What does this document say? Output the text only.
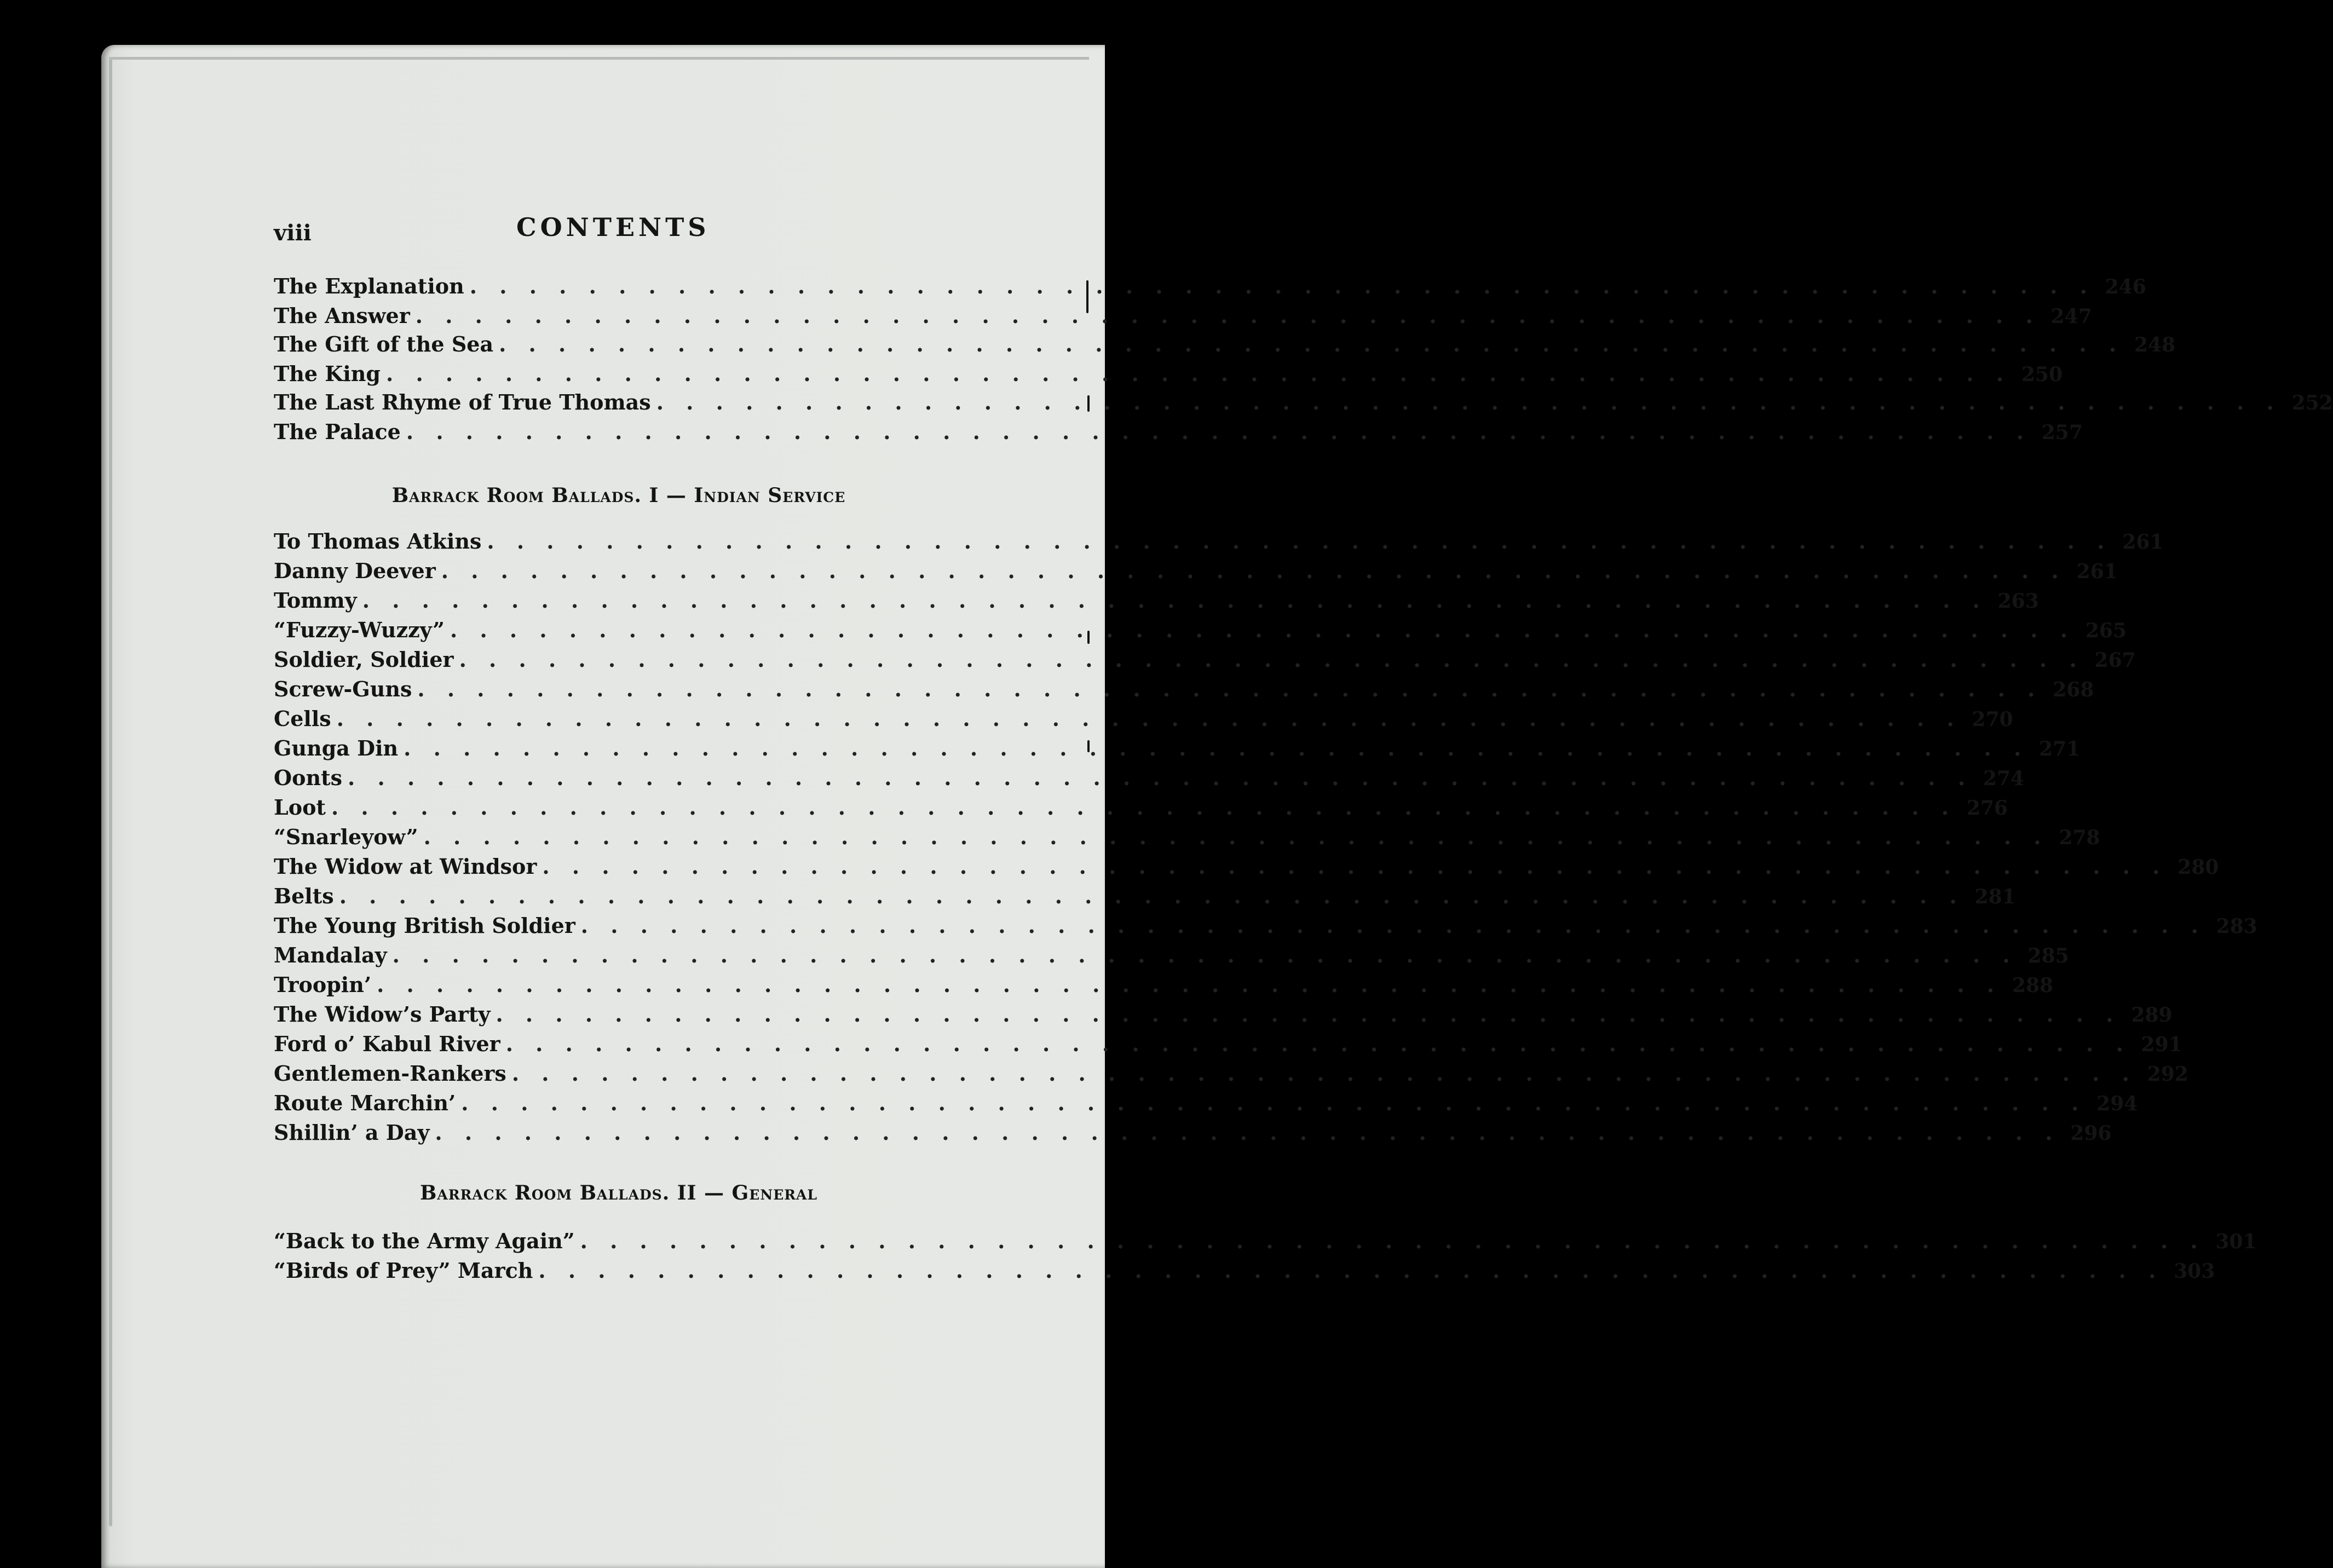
viii	CONTENTS
The Explanation . . . . . . . . . . . . . . . . . . . . . . . . . . . . . . . . . . . . . . . . . . . . . . . . . . . . . . . 246
The Answer . . . . . . . . . . . . . . . . . . . . . . . . . . . . . . . . . . . . . . . . . . . . . . . . . . . . . . . 247
The Gift of the Sea . . . . . . . . . . . . . . . . . . . . . . . . . . . . . . . . . . . . . . . . . . . . . . . . . . . . . . . 248
The King . . . . . . . . . . . . . . . . . . . . . . . . . . . . . . . . . . . . . . . . . . . . . . . . . . . . . . . 250
The Last Rhyme of True Thomas . . . . . . . . . . . . . . . . . . . . . . . . . . . . . . . . . . . . . . . . . . . . . . . . . . . . . . . 252
The Palace . . . . . . . . . . . . . . . . . . . . . . . . . . . . . . . . . . . . . . . . . . . . . . . . . . . . . . . 257
Barrack Room Ballads. I — Indian Service
To Thomas Atkins . . . . . . . . . . . . . . . . . . . . . . . . . . . . . . . . . . . . . . . . . . . . . . . . . . . . . . . 261
Danny Deever . . . . . . . . . . . . . . . . . . . . . . . . . . . . . . . . . . . . . . . . . . . . . . . . . . . . . . . 261
Tommy . . . . . . . . . . . . . . . . . . . . . . . . . . . . . . . . . . . . . . . . . . . . . . . . . . . . . . . 263
“Fuzzy-Wuzzy” . . . . . . . . . . . . . . . . . . . . . . . . . . . . . . . . . . . . . . . . . . . . . . . . . . . . . . . 265
Soldier, Soldier . . . . . . . . . . . . . . . . . . . . . . . . . . . . . . . . . . . . . . . . . . . . . . . . . . . . . . . 267
Screw-Guns . . . . . . . . . . . . . . . . . . . . . . . . . . . . . . . . . . . . . . . . . . . . . . . . . . . . . . . 268
Cells . . . . . . . . . . . . . . . . . . . . . . . . . . . . . . . . . . . . . . . . . . . . . . . . . . . . . . . 270
Gunga Din . . . . . . . . . . . . . . . . . . . . . . . . . . . . . . . . . . . . . . . . . . . . . . . . . . . . . . . 271
Oonts . . . . . . . . . . . . . . . . . . . . . . . . . . . . . . . . . . . . . . . . . . . . . . . . . . . . . . . 274
Loot . . . . . . . . . . . . . . . . . . . . . . . . . . . . . . . . . . . . . . . . . . . . . . . . . . . . . . . 276
“Snarleyow” . . . . . . . . . . . . . . . . . . . . . . . . . . . . . . . . . . . . . . . . . . . . . . . . . . . . . . . 278
The Widow at Windsor . . . . . . . . . . . . . . . . . . . . . . . . . . . . . . . . . . . . . . . . . . . . . . . . . . . . . . . 280
Belts . . . . . . . . . . . . . . . . . . . . . . . . . . . . . . . . . . . . . . . . . . . . . . . . . . . . . . . 281
The Young British Soldier . . . . . . . . . . . . . . . . . . . . . . . . . . . . . . . . . . . . . . . . . . . . . . . . . . . . . . . 283
Mandalay . . . . . . . . . . . . . . . . . . . . . . . . . . . . . . . . . . . . . . . . . . . . . . . . . . . . . . . 285
Troopin’ . . . . . . . . . . . . . . . . . . . . . . . . . . . . . . . . . . . . . . . . . . . . . . . . . . . . . . . 288
The Widow’s Party . . . . . . . . . . . . . . . . . . . . . . . . . . . . . . . . . . . . . . . . . . . . . . . . . . . . . . . 289
Ford o’ Kabul River . . . . . . . . . . . . . . . . . . . . . . . . . . . . . . . . . . . . . . . . . . . . . . . . . . . . . . . 291
Gentlemen-Rankers . . . . . . . . . . . . . . . . . . . . . . . . . . . . . . . . . . . . . . . . . . . . . . . . . . . . . . . 292
Route Marchin’ . . . . . . . . . . . . . . . . . . . . . . . . . . . . . . . . . . . . . . . . . . . . . . . . . . . . . . . 294
Shillin’ a Day . . . . . . . . . . . . . . . . . . . . . . . . . . . . . . . . . . . . . . . . . . . . . . . . . . . . . . . 296
Barrack Room Ballads. II — General
“Back to the Army Again” . . . . . . . . . . . . . . . . . . . . . . . . . . . . . . . . . . . . . . . . . . . . . . . . . . . . . . . 301
“Birds of Prey” March . . . . . . . . . . . . . . . . . . . . . . . . . . . . . . . . . . . . . . . . . . . . . . . . . . . . . . . 303
